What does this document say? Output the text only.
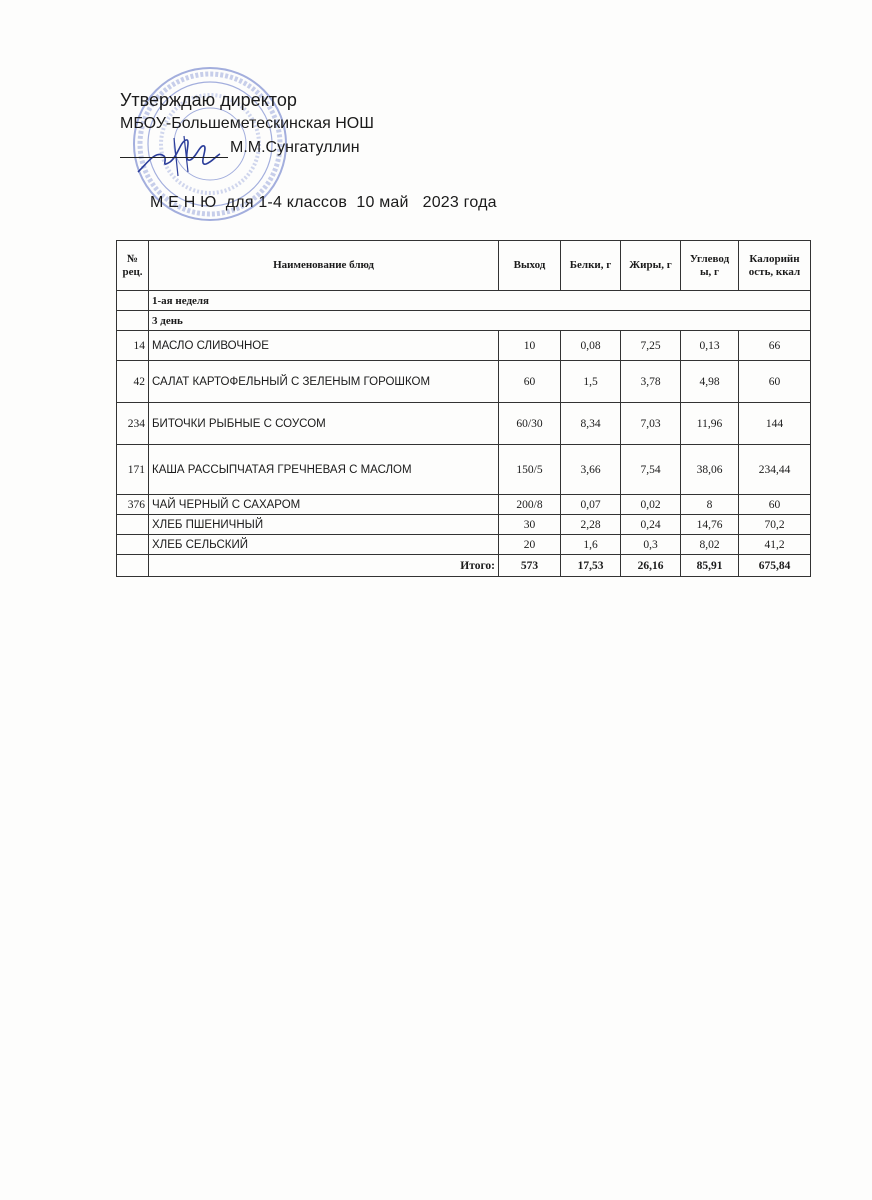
Утверждаю директор
МБОУ-Большеметескинская НОШ
М.М.Сунгатуллин
М Е Н Ю  для 1-4 классов  10 май   2023 года
№ рец.	Наименование блюд	Выход	Белки, г	Жиры, г	Углевод ы, г	Калорийн ость, ккал
	1-ая неделя					
	3 день					
14	МАСЛО СЛИВОЧНОЕ	10	0,08	7,25	0,13	66
42	САЛАТ КАРТОФЕЛЬНЫЙ С ЗЕЛЕНЫМ ГОРОШКОМ	60	1,5	3,78	4,98	60
234	БИТОЧКИ РЫБНЫЕ С СОУСОМ	60/30	8,34	7,03	11,96	144
171	КАША РАССЫПЧАТАЯ ГРЕЧНЕВАЯ С МАСЛОМ	150/5	3,66	7,54	38,06	234,44
376	ЧАЙ ЧЕРНЫЙ С САХАРОМ	200/8	0,07	0,02	8	60
	ХЛЕБ ПШЕНИЧНЫЙ	30	2,28	0,24	14,76	70,2
	ХЛЕБ СЕЛЬСКИЙ	20	1,6	0,3	8,02	41,2
	Итого:	573	17,53	26,16	85,91	675,84
